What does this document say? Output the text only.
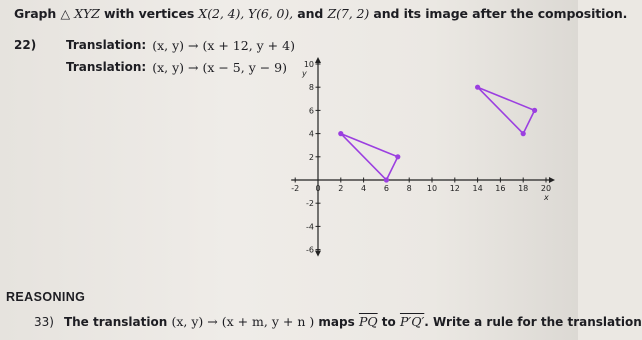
Graph △ XYZ with vertices X(2, 4), Y(6, 0), and Z(7, 2) and its image after the composition.
22)	Translation: (x, y) → (x + 12, y + 4)
Translation: (x, y) → (x − 5, y − 9)
x
y
-2 0 2 4 6 8 10 12 14 16 18 20
10
8
6
4
2
-2
-4
-6
REASONING
33) The translation (x, y) → (x + m, y + n ) maps $\overline{PQ}$ to P′Q′. Write a rule for the translation
